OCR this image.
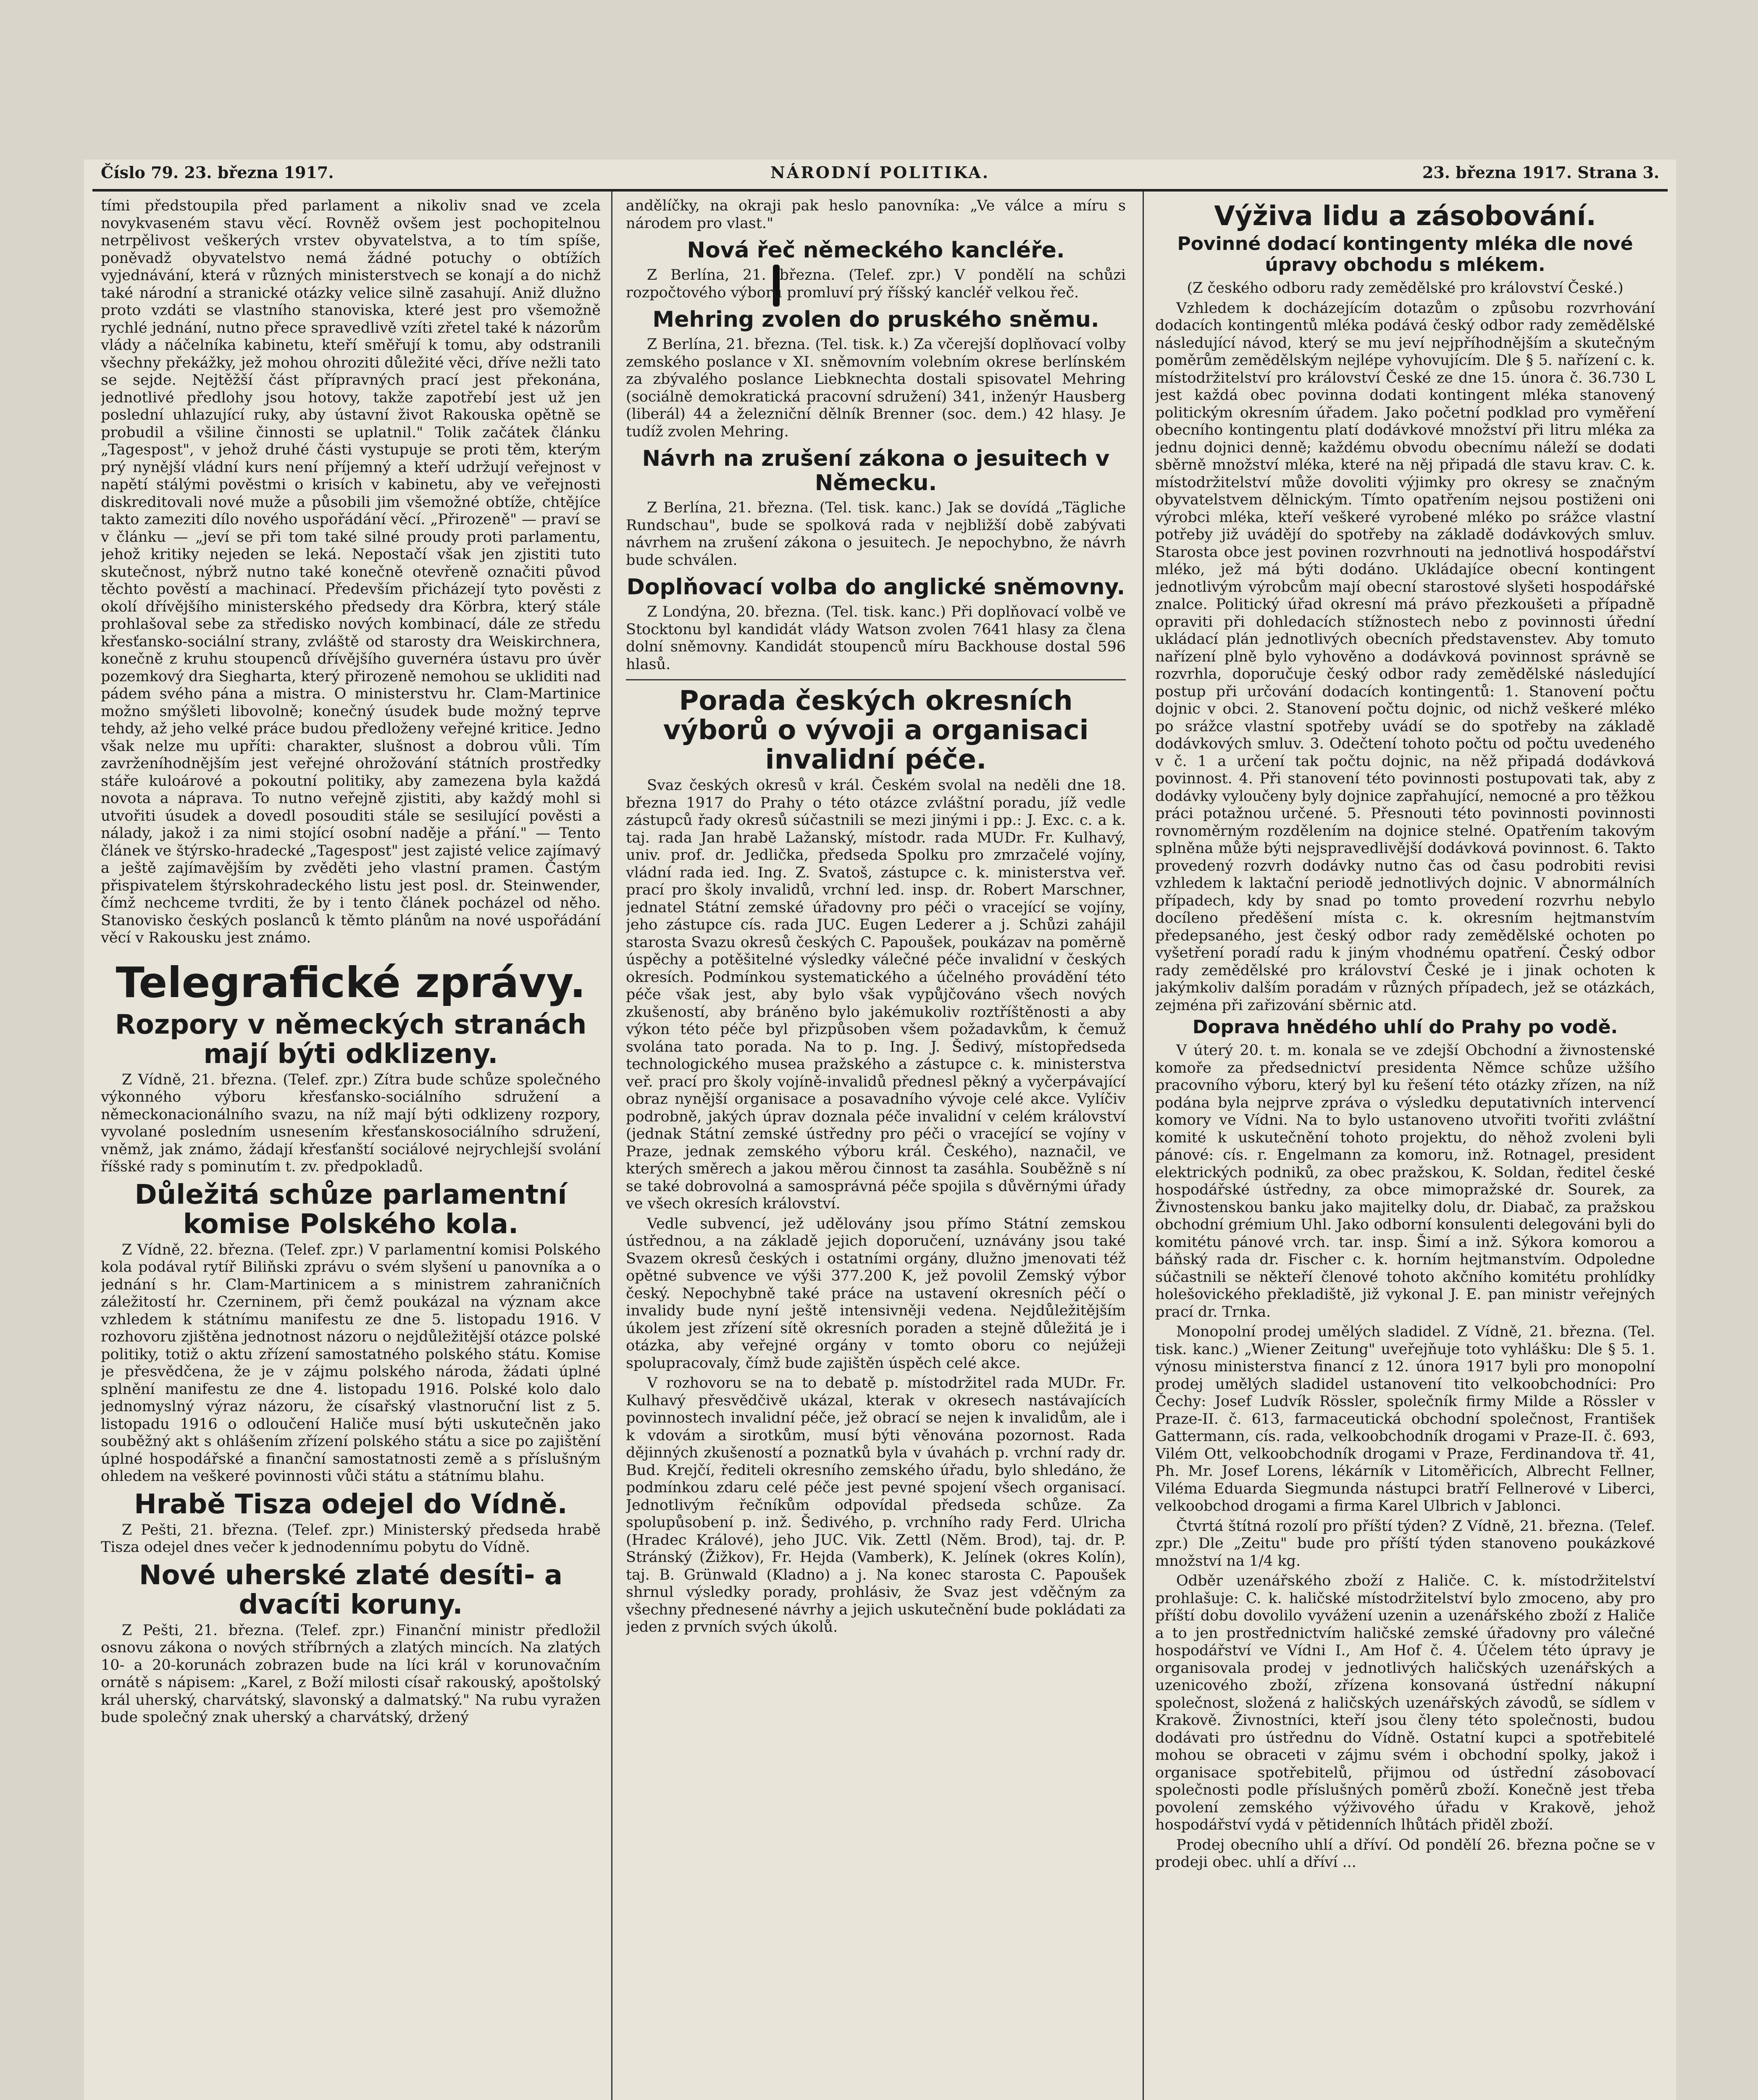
Číslo 79. 23. března 1917.	NÁRODNÍ POLITIKA.	23. března 1917. Strana 3.

tími předstoupila před parlament a nikoliv snad ve zcela novykvaseném stavu věcí. Rovněž ovšem jest pochopitelnou netrpělivost veškerých vrstev obyvatelstva, a to tím spíše, poněvadž obyvatelstvo nemá žádné potuchy o obtížích vyjednávání, která v různých ministerstvech se konají a do nichž také národní a stranické otázky velice silně zasahují. Aniž dlužno proto vzdáti se vlastního stanoviska, které jest pro všemožně rychlé jednání, nutno přece spravedlivě vzíti zřetel také k názorům vlády a náčelníka kabinetu, kteří směřují k tomu, aby odstranili všechny překážky, jež mohou ohroziti důležité věci, dříve nežli tato se sejde. Nejtěžší část přípravných prací jest překonána, jednotlivé předlohy jsou hotovy, takže zapotřebí jest už jen poslední uhlazující ruky, aby ústavní život Rakouska opětně se probudil a všiline činnosti se uplatnil." Tolik začátek článku „Tagespost", v jehož druhé části vystupuje se proti těm, kterým prý nynější vládní kurs není příjemný a kteří udržují veřejnost v napětí stálými pověstmi o krisích v kabinetu, aby ve veřejnosti diskreditovali nové muže a působili jim všemožné obtíže, chtějíce takto zameziti dílo nového uspořádání věcí. „Přirozeně" — praví se v článku — „jeví se při tom také silné proudy proti parlamentu, jehož kritiky nejeden se leká. Nepostačí však jen zjistiti tuto skutečnost, nýbrž nutno také konečně otevřeně označiti původ těchto pověstí a machinací. Především přicházejí tyto pověsti z okolí dřívějšího ministerského předsedy dra Körbra, který stále prohlašoval sebe za středisko nových kombinací, dále ze středu křesťansko-sociální strany, zvláště od starosty dra Weiskirchnera, konečně z kruhu stoupenců dřívějšího guvernéra ústavu pro úvěr pozemkový dra Siegharta, který přirozeně nemohou se ukliditi nad pádem svého pána a mistra. O ministerstvu hr. Clam-Martinice možno smýšleti libovolně; konečný úsudek bude možný teprve tehdy, až jeho velké práce budou předloženy veřejné kritice. Jedno však nelze mu upříti: charakter, slušnost a dobrou vůli. Tím zavrženíhodnějším jest veřejné ohrožování státních prostředky stáře kuloárové a pokoutní politiky, aby zamezena byla každá novota a náprava. To nutno veřejně zjistiti, aby každý mohl si utvořiti úsudek a dovedl posouditi stále se sesilující pověsti a nálady, jakož i za nimi stojící osobní naděje a přání." — Tento článek ve štýrsko-hradecké „Tagespost" jest zajisté velice zajímavý a ještě zajímavějším by zvěděti jeho vlastní pramen. Častým přispivatelem štýrskohradeckého listu jest posl. dr. Steinwender, čímž nechceme tvrditi, že by i tento článek pocházel od něho. Stanovisko českých poslanců k těmto plánům na nové uspořádání věcí v Rakousku jest známo.

Telegrafické zprávy.
Rozpory v německých stranách mají býti odklizeny.

Z Vídně, 21. března. (Telef. zpr.) Zítra bude schůze společného výkonného výboru křesťansko-sociálního sdružení a německonacionálního svazu, na níž mají býti odklizeny rozpory, vyvolané posledním usnesením křesťanskosociálního sdružení, vněmž, jak známo, žádají křesťanští sociálové nejrychlejší svolání říšské rady s pominutím t. zv. předpokladů.

Důležitá schůze parlamentní komise Polského kola.

Z Vídně, 22. března. (Telef. zpr.) V parlamentní komisi Polského kola podával rytíř Biliňski zprávu o svém slyšení u panovníka a o jednání s hr. Clam-Martinicem a s ministrem zahraničních záležitostí hr. Czerninem, při čemž poukázal na význam akce vzhledem k státnímu manifestu ze dne 5. listopadu 1916. V rozhovoru zjištěna jednotnost názoru o nejdůležitější otázce polské politiky, totiž o aktu zřízení samostatného polského státu. Komise je přesvědčena, že je v zájmu polského národa, žádati úplné splnění manifestu ze dne 4. listopadu 1916. Polské kolo dalo jednomyslný výraz názoru, že císařský vlastnoruční list z 5. listopadu 1916 o odloučení Haliče musí býti uskutečněn jako souběžný akt s ohlášením zřízení polského státu a sice po zajištění úplné hospodářské a finanční samostatnosti země a s příslušným ohledem na veškeré povinnosti vůči státu a státnímu blahu.

Hrabě Tisza odejel do Vídně.

Z Pešti, 21. března. (Telef. zpr.) Ministerský předseda hrabě Tisza odejel dnes večer k jednodennímu pobytu do Vídně.

Nové uherské zlaté desíti- a dvacíti koruny.

Z Pešti, 21. března. (Telef. zpr.) Finanční ministr předložil osnovu zákona o nových stříbrných a zlatých mincích. Na zlatých 10- a 20-korunách zobrazen bude na líci král v korunovačním ornátě s nápisem: „Karel, z Boží milosti císař rakouský, apoštolský král uherský, charvátský, slavonský a dalmatský." Na rubu vyražen bude společný znak uherský a charvátský, držený

andělíčky, na okraji pak heslo panovníka: „Ve válce a míru s národem pro vlast."

Nová řeč německého kancléře.

Z Berlína, 21. března. (Telef. zpr.) V pondělí na schůzi rozpočtového výboru promluví prý říšský kancléř velkou řeč.

Mehring zvolen do pruského sněmu.

Z Berlína, 21. března. (Tel. tisk. k.) Za včerejší doplňovací volby zemského poslance v XI. sněmovním volebním okrese berlínském za zbývalého poslance Liebknechta dostali spisovatel Mehring (sociálně demokratická pracovní sdružení) 341, inženýr Hausberg (liberál) 44 a železniční dělník Brenner (soc. dem.) 42 hlasy. Je tudíž zvolen Mehring.

Návrh na zrušení zákona o jesuitech v Německu.

Z Berlína, 21. března. (Tel. tisk. kanc.) Jak se dovídá „Tägliche Rundschau", bude se spolková rada v nejbližší době zabývati návrhem na zrušení zákona o jesuitech. Je nepochybno, že návrh bude schválen.

Doplňovací volba do anglické sněmovny.

Z Londýna, 20. března. (Tel. tisk. kanc.) Při doplňovací volbě ve Stocktonu byl kandidát vlády Watson zvolen 7641 hlasy za člena dolní sněmovny. Kandidát stoupenců míru Backhouse dostal 596 hlasů.

Porada českých okresních výborů o vývoji a organisaci invalidní péče.

Svaz českých okresů v král. Českém svolal na neděli dne 18. března 1917 do Prahy o této otázce zvláštní poradu, jíž vedle zástupců řady okresů súčastnili se mezi jinými i pp.: J. Exc. c. a k. taj. rada Jan hrabě Lažanský, místodr. rada MUDr. Fr. Kulhavý, univ. prof. dr. Jedlička, předseda Spolku pro zmrzačelé vojíny, vládní rada ied. Ing. Z. Svatoš, zástupce c. k. ministerstva veř. prací pro školy invalidů, vrchní led. insp. dr. Robert Marschner, jednatel Státní zemské úřadovny pro péči o vracející se vojíny, jeho zástupce cís. rada JUC. Eugen Lederer a j. Schůzi zahájil starosta Svazu okresů českých C. Papoušek, poukázav na poměrně úspěchy a potěšitelné výsledky válečné péče invalidní v českých okresích. Podmínkou systematického a účelného provádění této péče však jest, aby bylo však vypůjčováno všech nových zkušeností, aby bráněno bylo jakémukoliv roztříštěnosti a aby výkon této péče byl přizpůsoben všem požadavkům, k čemuž svolána tato porada. Na to p. Ing. J. Šedivý, místopředseda technologického musea pražského a zástupce c. k. ministerstva veř. prací pro školy vojíně-invalidů přednesl pěkný a vyčerpávající obraz nynější organisace a posavadního vývoje celé akce. Vylíčiv podrobně, jakých úprav doznala péče invalidní v celém království (jednak Státní zemské ústředny pro péči o vracející se vojíny v Praze, jednak zemského výboru král. Českého), naznačil, ve kterých směrech a jakou měrou činnost ta zasáhla. Souběžně s ní se také dobrovolná a samosprávná péče spojila s důvěrnými úřady ve všech okresích království.

Vedle subvencí, jež udělovány jsou přímo Státní zemskou ústřednou, a na základě jejich doporučení, uznávány jsou také Svazem okresů českých i ostatními orgány, dlužno jmenovati též opětné subvence ve výši 377.200 K, jež povolil Zemský výbor český. Nepochybně také práce na ustavení okresních péčí o invalidy bude nyní ještě intensivněji vedena. Nejdůležitějším úkolem jest zřízení sítě okresních poraden a stejně důležitá je i otázka, aby veřejné orgány v tomto oboru co nejúžeji spolupracovaly, čímž bude zajištěn úspěch celé akce.

V rozhovoru se na to debatě p. místodržitel rada MUDr. Fr. Kulhavý přesvědčivě ukázal, kterak v okresech nastávajících povinnostech invalidní péče, jež obrací se nejen k invalidům, ale i k vdovám a sirotkům, musí býti věnována pozornost. Rada dějinných zkušeností a poznatků byla v úvahách p. vrchní rady dr. Bud. Krejčí, řediteli okresního zemského úřadu, bylo shledáno, že podmínkou zdaru celé péče jest pevné spojení všech organisací. Jednotlivým řečníkům odpovídal předseda schůze. Za spolupůsobení p. inž. Šedivého, p. vrchního rady Ferd. Ulricha (Hradec Králové), jeho JUC. Vik. Zettl (Něm. Brod), taj. dr. P. Stránský (Žižkov), Fr. Hejda (Vamberk), K. Jelínek (okres Kolín), taj. B. Grünwald (Kladno) a j. Na konec starosta C. Papoušek shrnul výsledky porady, prohlásiv, že Svaz jest vděčným za všechny přednesené návrhy a jejich uskutečnění bude pokládati za jeden z prvních svých úkolů.

Výživa lidu a zásobování.
Povinné dodací kontingenty mléka dle nové úpravy obchodu s mlékem.

(Z českého odboru rady zemědělské pro království České.)

Vzhledem k docházejícím dotazům o způsobu rozvrhování dodacích kontingentů mléka podává český odbor rady zemědělské následující návod, který se mu jeví nejpříhodnějším a skutečným poměrům zemědělským nejlépe vyhovujícím. Dle § 5. nařízení c. k. místodržitelství pro království České ze dne 15. února č. 36.730 L jest každá obec povinna dodati kontingent mléka stanovený politickým okresním úřadem. Jako početní podklad pro vyměření obecního kontingentu platí dodávkové množství při litru mléka za jednu dojnici denně; každému obvodu obecnímu náleží se dodati sběrně množství mléka, které na něj připadá dle stavu krav. C. k. místodržitelství může dovoliti výjimky pro okresy se značným obyvatelstvem dělnickým. Tímto opatřením nejsou postiženi oni výrobci mléka, kteří veškeré vyrobené mléko po srážce vlastní potřeby již uvádějí do spotřeby na základě dodávkových smluv. Starosta obce jest povinen rozvrhnouti na jednotlivá hospodářství mléko, jež má býti dodáno. Ukládajíce obecní kontingent jednotlivým výrobcům mají obecní starostové slyšeti hospodářské znalce. Politický úřad okresní má právo přezkoušeti a případně opraviti při dohledacích stížnostech nebo z povinnosti úřední ukládací plán jednotlivých obecních představenstev. Aby tomuto nařízení plně bylo vyhověno a dodávková povinnost správně se rozvrhla, doporučuje český odbor rady zemědělské následující postup při určování dodacích kontingentů: 1. Stanovení počtu dojnic v obci. 2. Stanovení počtu dojnic, od nichž veškeré mléko po srážce vlastní spotřeby uvádí se do spotřeby na základě dodávkových smluv. 3. Odečtení tohoto počtu od počtu uvedeného v č. 1 a určení tak počtu dojnic, na něž připadá dodávková povinnost. 4. Při stanovení této povinnosti postupovati tak, aby z dodávky vyloučeny byly dojnice zapřahující, nemocné a pro těžkou práci potažnou určené. 5. Přesnouti této povinnosti povinnosti rovnoměrným rozdělením na dojnice stelné. Opatřením takovým splněna může býti nejspravedlivější dodávková povinnost. 6. Takto provedený rozvrh dodávky nutno čas od času podrobiti revisi vzhledem k laktační periodě jednotlivých dojnic. V abnormálních případech, kdy by snad po tomto provedení rozvrhu nebylo docíleno předěšení místa c. k. okresním hejtmanstvím předepsaného, jest český odbor rady zemědělské ochoten po vyšetření poradí radu k jiným vhodnému opatření. Český odbor rady zemědělské pro království České je i jinak ochoten k jakýmkoliv dalším poradám v různých případech, jež se otázkách, zejména při zařizování sběrnic atd.

Doprava hnědého uhlí do Prahy po vodě.

V úterý 20. t. m. konala se ve zdejší Obchodní a živnostenské komoře za předsednictví presidenta Němce schůze užšího pracovního výboru, který byl ku řešení této otázky zřízen, na níž podána byla nejprve zpráva o výsledku deputativních intervencí komory ve Vídni. Na to bylo ustanoveno utvořiti tvořiti zvláštní komité k uskutečnění tohoto projektu, do něhož zvoleni byli pánové: cís. r. Engelmann za komoru, inž. Rotnagel, president elektrických podniků, za obec pražskou, K. Soldan, ředitel české hospodářské ústředny, za obce mimopražské dr. Sourek, za Živnostenskou banku jako majitelky dolu, dr. Diabač, za pražskou obchodní grémium Uhl. Jako odborní konsulenti delegováni byli do komitétu pánové vrch. tar. insp. Šimí a inž. Sýkora komorou a báňský rada dr. Fischer c. k. horním hejtmanstvím. Odpoledne súčastnili se někteří členové tohoto akčního komitétu prohlídky holešovického překladiště, již vykonal J. E. pan ministr veřejných prací dr. Trnka.

Monopolní prodej umělých sladidel. Z Vídně, 21. března. (Tel. tisk. kanc.) „Wiener Zeitung" uveřejňuje toto vyhlášku: Dle § 5. 1. výnosu ministerstva financí z 12. února 1917 byli pro monopolní prodej umělých sladidel ustanovení tito velkoobchodníci: Pro Čechy: Josef Ludvík Rössler, společník firmy Milde a Rössler v Praze-II. č. 613, farmaceutická obchodní společnost, František Gattermann, cís. rada, velkoobchodník drogami v Praze-II. č. 693, Vilém Ott, velkoobchodník drogami v Praze, Ferdinandova tř. 41, Ph. Mr. Josef Lorens, lékárník v Litoměřicích, Albrecht Fellner, Viléma Eduarda Siegmunda nástupci bratří Fellnerové v Liberci, velkoobchod drogami a firma Karel Ulbrich v Jablonci.

Čtvrtá štítná rozolí pro příští týden? Z Vídně, 21. března. (Telef. zpr.) Dle „Zeitu" bude pro příští týden stanoveno poukázkové množství na 1/4 kg.

Odběr uzenářského zboží z Haliče. C. k. místodržitelství prohlašuje: C. k. haličské místodržitelství bylo zmoceno, aby pro příští dobu dovolilo vyvážení uzenin a uzenářského zboží z Haliče a to jen prostřednictvím haličské zemské úřadovny pro válečné hospodářství ve Vídni I., Am Hof č. 4. Účelem této úpravy je organisovala prodej v jednotlivých haličských uzenářských a uzenicového zboží, zřízena konsovaná ústřední nákupní společnost, složená z haličských uzenářských závodů, se sídlem v Krakově. Živnostníci, kteří jsou členy této společnosti, budou dodávati pro ústřednu do Vídně. Ostatní kupci a spotřebitelé mohou se obraceti v zájmu svém i obchodní spolky, jakož i organisace spotřebitelů, přijmou od ústřední zásobovací společnosti podle příslušných poměrů zboží. Konečně jest třeba povolení zemského výživového úřadu v Krakově, jehož hospodářství vydá v pětidenních lhůtách přiděl zboží.

Prodej obecního uhlí a dříví. Od pondělí 26. března počne se v prodeji obec. uhlí a dříví ...
